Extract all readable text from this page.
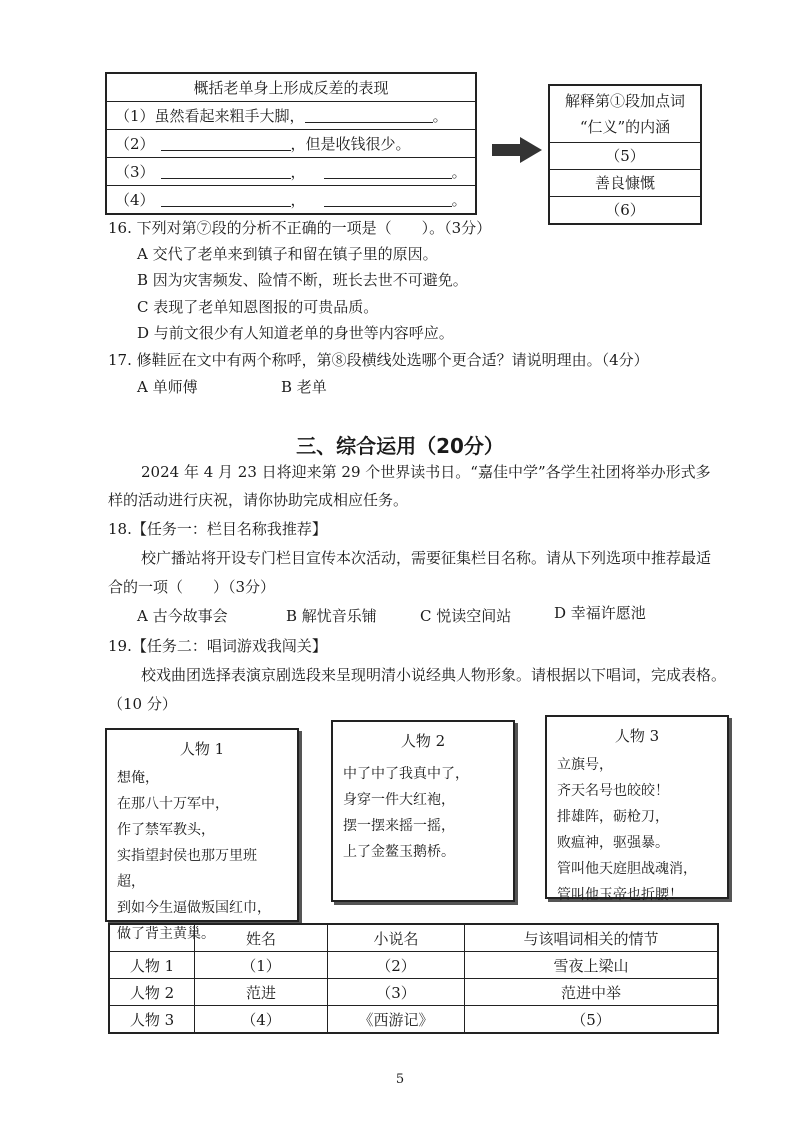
概括老单身上形成反差的表现
（1） 虽然看起来粗手大脚，	。
（2）	，但是收钱很少。
（3）	，	。
（4）	，	。
解释第①段加点词
“仁义”的内涵
（5）
善良慷慨
（6）
16. 下列对第⑦段的分析不正确的一项是（　　）。（3分）
A 交代了老单来到镇子和留在镇子里的原因。
B 因为灾害频发、险情不断，班长去世不可避免。
C 表现了老单知恩图报的可贵品质。
D 与前文很少有人知道老单的身世等内容呼应。
17. 修鞋匠在文中有两个称呼，第⑧段横线处选哪个更合适？请说明理由。（4分）
A 单师傅	B 老单
三、综合运用（20分）
2024 年 4 月 23 日将迎来第 29 个世界读书日。“嘉佳中学”各学生社团将举办形式多
样的活动进行庆祝，请你协助完成相应任务。
18.【任务一：栏目名称我推荐】
校广播站将开设专门栏目宣传本次活动，需要征集栏目名称。请从下列选项中推荐最适
合的一项（　　）（3分）
A 古今故事会	B 解忧音乐铺	C 悦读空间站	D 幸福许愿池
19.【任务二：唱词游戏我闯关】
校戏曲团选择表演京剧选段来呈现明清小说经典人物形象。请根据以下唱词，完成表格。
（10 分）
人物 1
想俺，
在那八十万军中，
作了禁军教头，
实指望封侯也那万里班
超，
到如今生逼做叛国红巾，
做了背主黄巢。
人物 2
中了中了我真中了，
身穿一件大红袍，
摆一摆来摇一摇，
上了金鳌玉鹅桥。
人物 3
立旗号，
齐天名号也皎皎！
排雄阵，砺枪刀，
败瘟神，驱强暴。
管叫他天庭胆战魂消，
管叫他玉帝也折腰！
	姓名	小说名	与该唱词相关的情节
人物 1	（1）	（2）	雪夜上梁山
人物 2	范进	（3）	范进中举
人物 3	（4）	《西游记》	（5）
5
